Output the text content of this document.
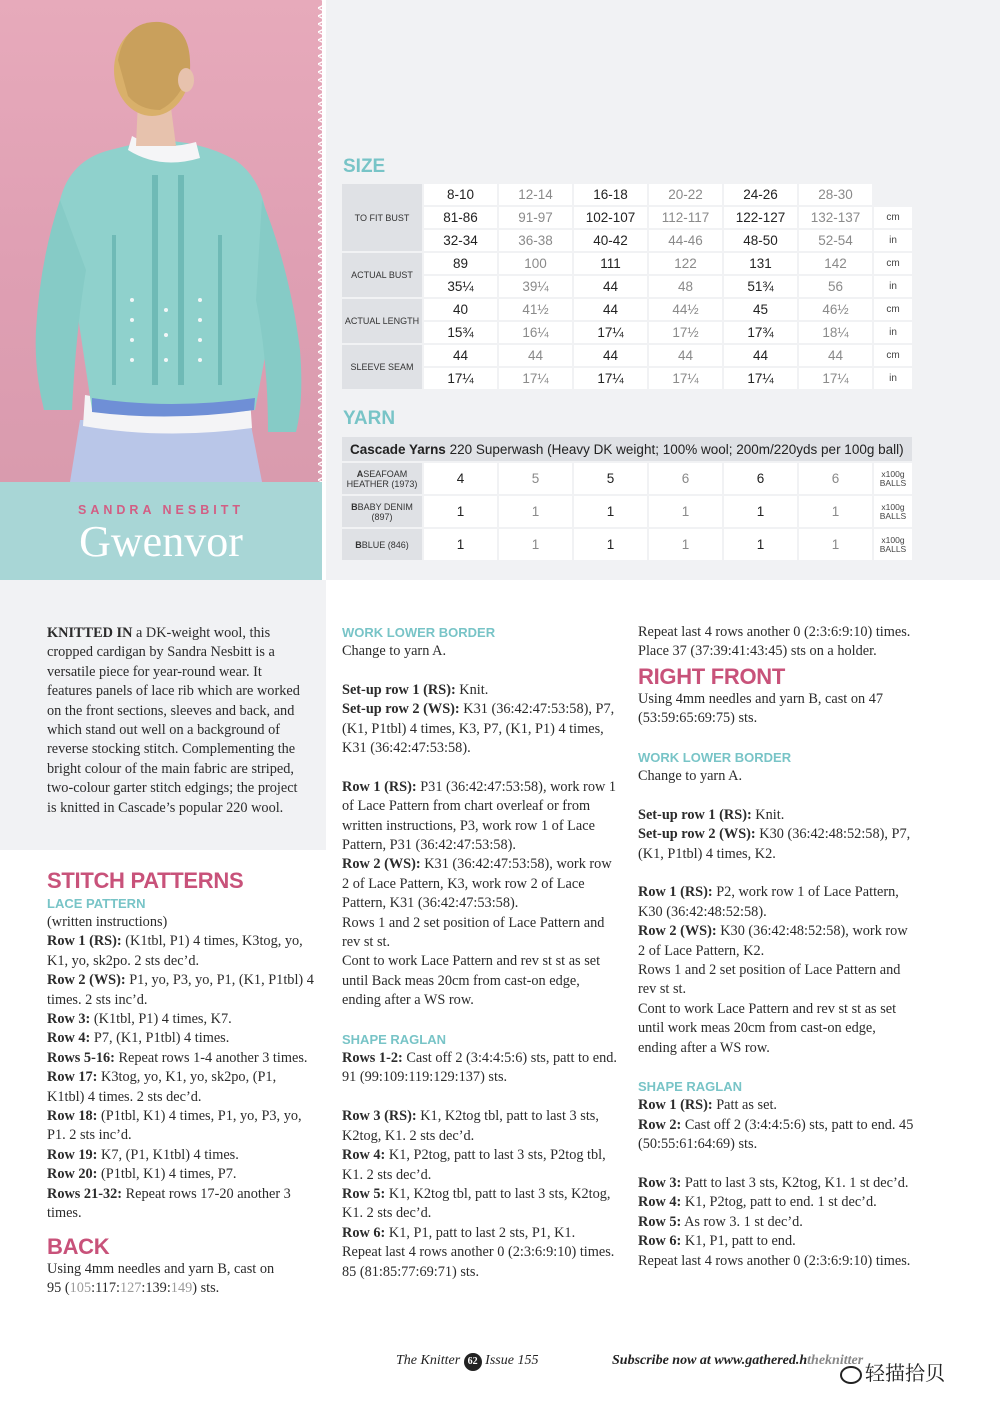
SANDRA NESBITT
Gwenvor
SIZE
TO FIT BUST	8-10	12-14	16-18	20-22	24-26	28-30	
	81-86	91-97	102-107	112-117	122-127	132-137	cm
	32-34	36-38	40-42	44-46	48-50	52-54	in
ACTUAL BUST	89	100	111	122	131	142	cm
	35¼	39¼	44	48	51¾	56	in
ACTUAL LENGTH	40	41½	44	44½	45	46½	cm
	15¾	16¼	17¼	17½	17¾	18¼	in
SLEEVE SEAM	44	44	44	44	44	44	cm
	17¼	17¼	17¼	17¼	17¼	17¼	in
YARN
Cascade Yarns 220 Superwash (Heavy DK weight; 100% wool; 200m/220yds per 100g ball)							
ASEAFOAM HEATHER (1973)	4	5	5	6	6	6	x100g BALLS
BBABY DENIM (897)	1	1	1	1	1	1	x100g BALLS
BBLUE (846)	1	1	1	1	1	1	x100g BALLS

KNITTED IN a DK-weight wool, this cropped cardigan by Sandra Nesbitt is a versatile piece for year-round wear. It features panels of lace rib which are worked on the front sections, sleeves and back, and which stand out well on a background of reverse stocking stitch. Complementing the bright colour of the main fabric are striped, two-colour garter stitch edgings; the project is knitted in Cascade’s popular 220 wool.

STITCH PATTERNS
LACE PATTERN

(written instructions)

Row 1 (RS): (K1tbl, P1) 4 times, K3tog, yo, K1, yo, sk2po. 2 sts dec’d.

Row 2 (WS): P1, yo, P3, yo, P1, (K1, P1tbl) 4 times. 2 sts inc’d.

Row 3: (K1tbl, P1) 4 times, K7.

Row 4: P7, (K1, P1tbl) 4 times.

Rows 5-16: Repeat rows 1-4 another 3 times.

Row 17: K3tog, yo, K1, yo, sk2po, (P1, K1tbl) 4 times. 2 sts dec’d.

Row 18: (P1tbl, K1) 4 times, P1, yo, P3, yo, P1. 2 sts inc’d.

Row 19: K7, (P1, K1tbl) 4 times.

Row 20: (P1tbl, K1) 4 times, P7.

Rows 21-32: Repeat rows 17-20 another 3 times.

BACK

Using 4mm needles and yarn B, cast on
95 (105:117:127:139:149) sts.

WORK LOWER BORDER

Change to yarn A.

Set-up row 1 (RS): Knit.

Set-up row 2 (WS): K31 (36:42:47:53:58), P7, (K1, P1tbl) 4 times, K3, P7, (K1, P1) 4 times, K31 (36:42:47:53:58).

Row 1 (RS): P31 (36:42:47:53:58), work row 1 of Lace Pattern from chart overleaf or from written instructions, P3, work row 1 of Lace Pattern, P31 (36:42:47:53:58).

Row 2 (WS): K31 (36:42:47:53:58), work row 2 of Lace Pattern, K3, work row 2 of Lace Pattern, K31 (36:42:47:53:58).

Rows 1 and 2 set position of Lace Pattern and rev st st.

Cont to work Lace Pattern and rev st st as set until Back meas 20cm from cast-on edge, ending after a WS row.

SHAPE RAGLAN

Rows 1-2: Cast off 2 (3:4:4:5:6) sts, patt to end.

91 (99:109:119:129:137) sts.

Row 3 (RS): K1, K2tog tbl, patt to last 3 sts, K2tog, K1. 2 sts dec’d.

Row 4: K1, P2tog, patt to last 3 sts, P2tog tbl, K1. 2 sts dec’d.

Row 5: K1, K2tog tbl, patt to last 3 sts, K2tog, K1. 2 sts dec’d.

Row 6: K1, P1, patt to last 2 sts, P1, K1.

Repeat last 4 rows another 0 (2:3:6:9:10) times.

85 (81:85:77:69:71) sts.

Repeat last 4 rows another 0 (2:3:6:9:10) times.

Place 37 (37:39:41:43:45) sts on a holder.

RIGHT FRONT

Using 4mm needles and yarn B, cast on 47 (53:59:65:69:75) sts.

WORK LOWER BORDER

Change to yarn A.

Set-up row 1 (RS): Knit.

Set-up row 2 (WS): K30 (36:42:48:52:58), P7, (K1, P1tbl) 4 times, K2.

Row 1 (RS): P2, work row 1 of Lace Pattern, K30 (36:42:48:52:58).

Row 2 (WS): K30 (36:42:48:52:58), work row 2 of Lace Pattern, K2.

Rows 1 and 2 set position of Lace Pattern and rev st st.

Cont to work Lace Pattern and rev st st as set until work meas 20cm from cast-on edge, ending after a WS row.

SHAPE RAGLAN

Row 1 (RS): Patt as set.

Row 2: Cast off 2 (3:4:4:5:6) sts, patt to end. 45 (50:55:61:64:69) sts.

Row 3: Patt to last 3 sts, K2tog, K1. 1 st dec’d.

Row 4: K1, P2tog, patt to end. 1 st dec’d.

Row 5: As row 3. 1 st dec’d.

Row 6: K1, P1, patt to end.

Repeat last 4 rows another 0 (2:3:6:9:10) times.

The Knitter 62 Issue 155	Subscribe now at www.gathered.htheknitter
轻描拾贝
